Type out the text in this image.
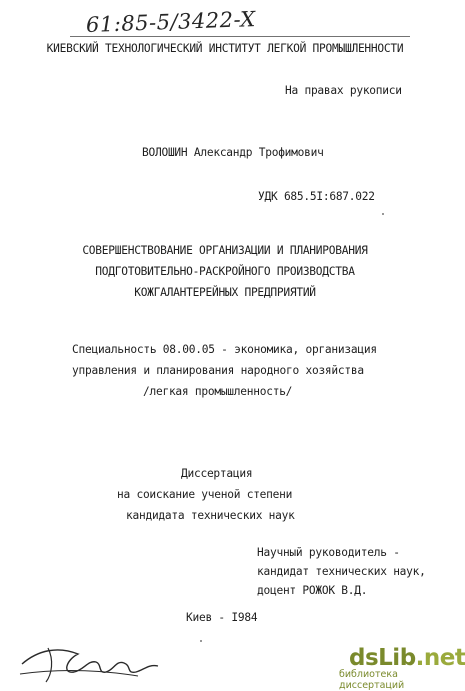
61:85-5/3422-X
КИЕВСКИЙ ТЕХНОЛОГИЧЕСКИЙ ИНСТИТУТ ЛЕГКОЙ ПРОМЫШЛЕННОСТИ
На правах рукописи
ВОЛОШИН Александр Трофимович
УДК 685.5I:687.022
СОВЕРШЕНСТВОВАНИЕ ОРГАНИЗАЦИИ И ПЛАНИРОВАНИЯ
ПОДГОТОВИТЕЛЬНО-РАСКРОЙНОГО ПРОИЗВОДСТВА
КОЖГАЛАНТЕРЕЙНЫХ ПРЕДПРИЯТИЙ
Специальность 08.00.05 - экономика, организация
управления и планирования народного хозяйства
/легкая промышленность/
Диссертация
на соискание ученой степени
кандидата технических наук
Научный руководитель -
кандидат технических наук,
доцент РОЖОК В.Д.
Киев - I984
dsLib.net
библиотека диссертаций
